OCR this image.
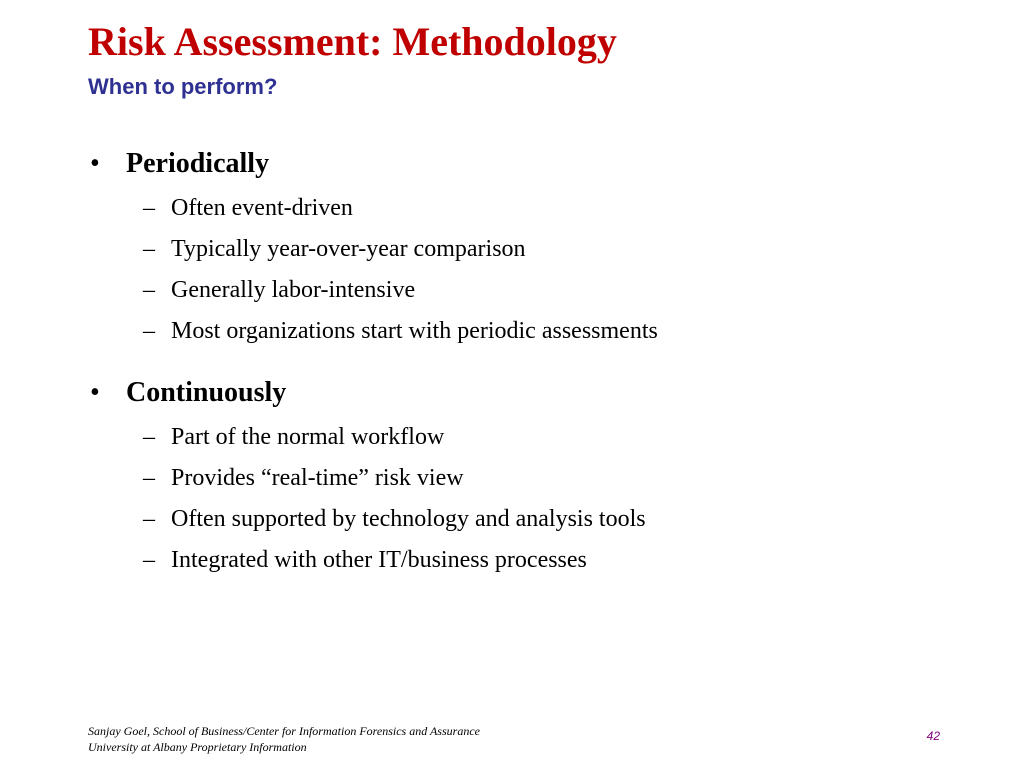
Risk Assessment: Methodology
When to perform?
• Periodically
– Often event-driven
– Typically year-over-year comparison
– Generally labor-intensive
– Most organizations start with periodic assessments
• Continuously
– Part of the normal workflow
– Provides “real-time” risk view
– Often supported by technology and analysis tools
– Integrated with other IT/business processes
Sanjay Goel, School of Business/Center for Information Forensics and Assurance
University at Albany Proprietary Information
42
